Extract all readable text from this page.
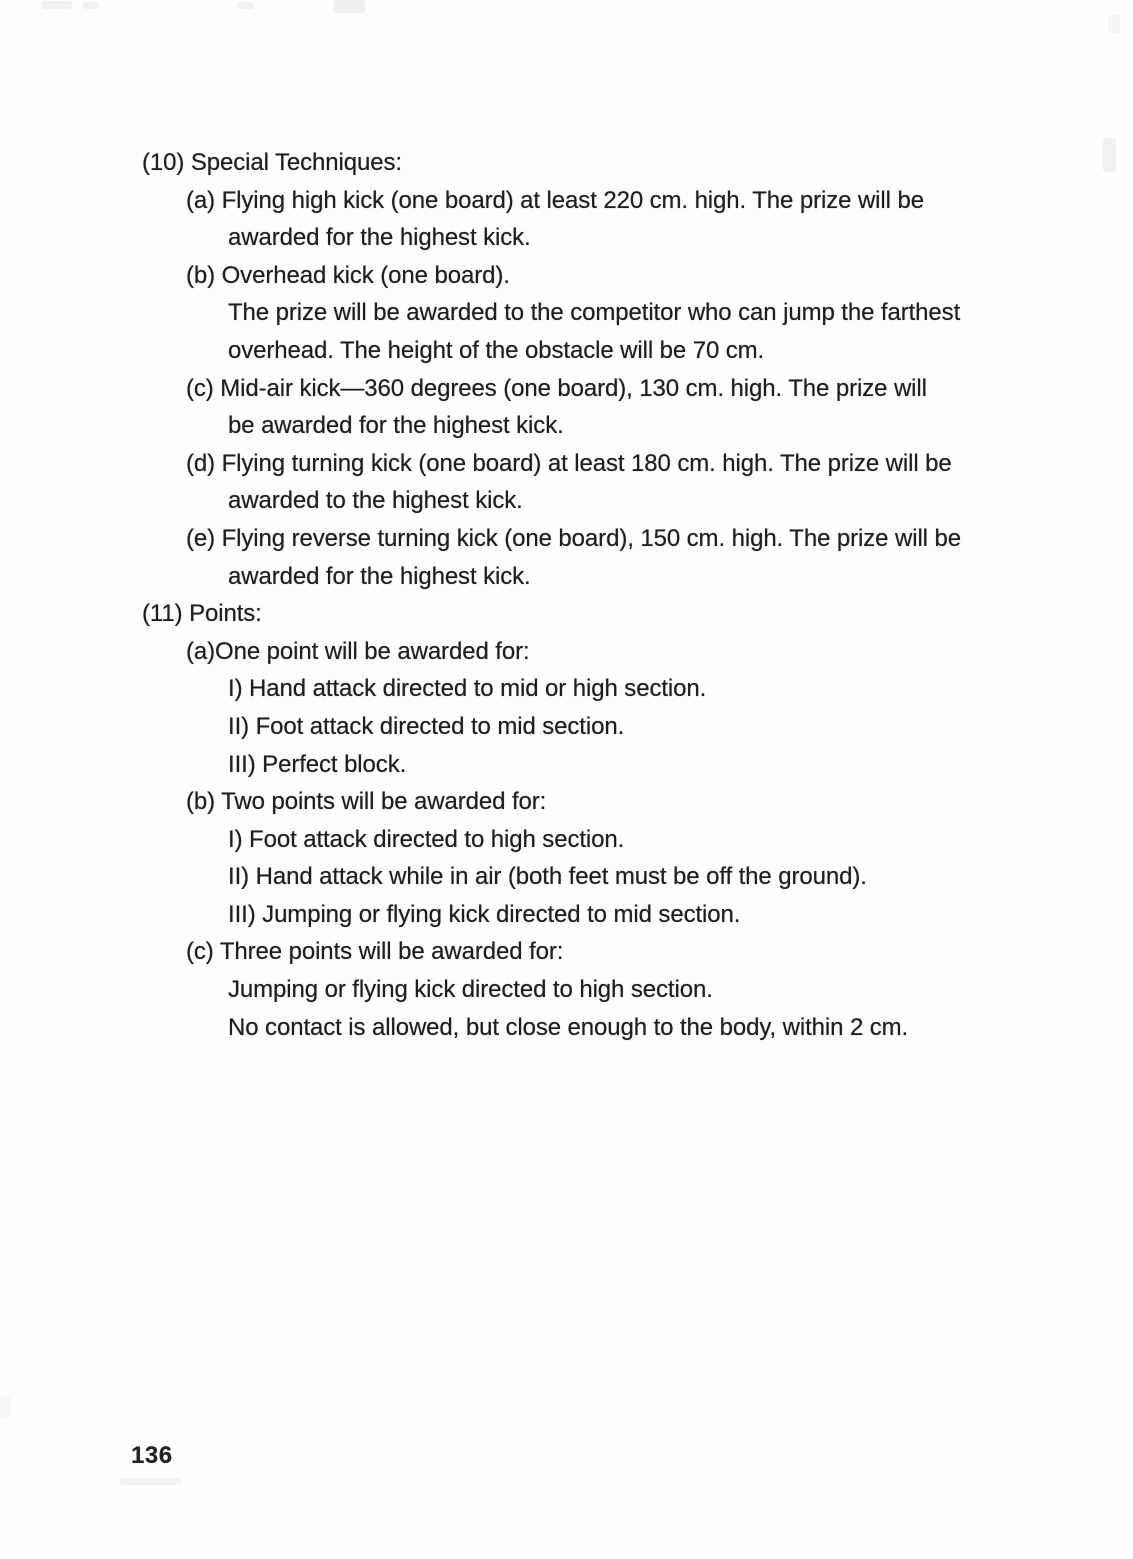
(10) Special Techniques:
(a) Flying high kick (one board) at least 220 cm. high. The prize will be
awarded for the highest kick.
(b) Overhead kick (one board).
The prize will be awarded to the competitor who can jump the farthest
overhead. The height of the obstacle will be 70 cm.
(c) Mid-air kick—360 degrees (one board), 130 cm. high. The prize will
be awarded for the highest kick.
(d) Flying turning kick (one board) at least 180 cm. high. The prize will be
awarded to the highest kick.
(e) Flying reverse turning kick (one board), 150 cm. high. The prize will be
awarded for the highest kick.
(11) Points:
(a)One point will be awarded for:
I) Hand attack directed to mid or high section.
II) Foot attack directed to mid section.
III) Perfect block.
(b) Two points will be awarded for:
I) Foot attack directed to high section.
II) Hand attack while in air (both feet must be off the ground).
III) Jumping or flying kick directed to mid section.
(c) Three points will be awarded for:
Jumping or flying kick directed to high section.
No contact is allowed, but close enough to the body, within 2 cm.
136
